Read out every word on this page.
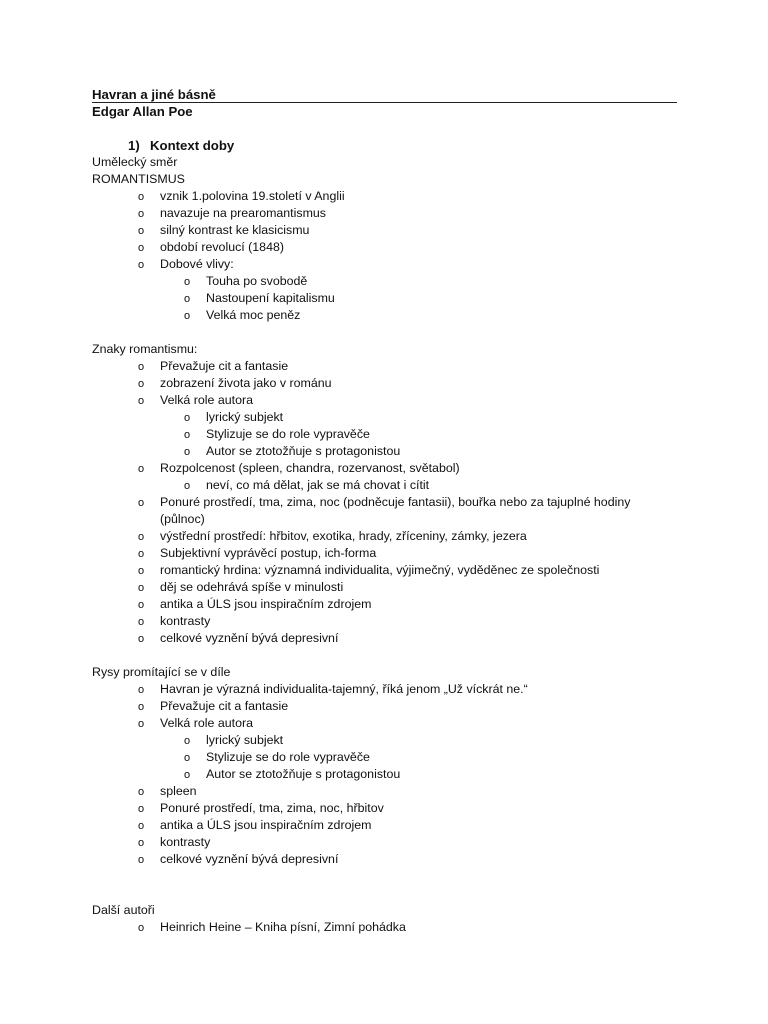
Havran a jiné básně
Edgar Allan Poe
1) Kontext doby
Umělecký směr
ROMANTISMUS
o vznik 1.polovina 19.století v Anglii
o navazuje na prearomantismus
o silný kontrast ke klasicismu
o období revolucí (1848)
o Dobové vlivy:
o Touha po svobodě
o Nastoupení kapitalismu
o Velká moc peněz
Znaky romantismu:
o Převažuje cit a fantasie
o zobrazení života jako v románu
o Velká role autora
o lyrický subjekt
o Stylizuje se do role vypravěče
o Autor se ztotožňuje s protagonistou
o Rozpolcenost (spleen, chandra, rozervanost, světabol)
o neví, co má dělat, jak se má chovat i cítit
o Ponuré prostředí, tma, zima, noc (podněcuje fantasii), bouřka nebo za tajuplné hodiny
(půlnoc)
o výstřední prostředí: hřbitov, exotika, hrady, zříceniny, zámky, jezera
o Subjektivní vyprávěcí postup, ich-forma
o romantický hrdina: významná individualita, výjimečný, vyděděnec ze společnosti
o děj se odehrává spíše v minulosti
o antika a ÚLS jsou inspiračním zdrojem
o kontrasty
o celkové vyznění bývá depresivní
Rysy promítající se v díle
o Havran je výrazná individualita-tajemný, říká jenom „Už víckrát ne.“
o Převažuje cit a fantasie
o Velká role autora
o lyrický subjekt
o Stylizuje se do role vypravěče
o Autor se ztotožňuje s protagonistou
o spleen
o Ponuré prostředí, tma, zima, noc, hřbitov
o antika a ÚLS jsou inspiračním zdrojem
o kontrasty
o celkové vyznění bývá depresivní
Další autoři
o Heinrich Heine – Kniha písní, Zimní pohádka
